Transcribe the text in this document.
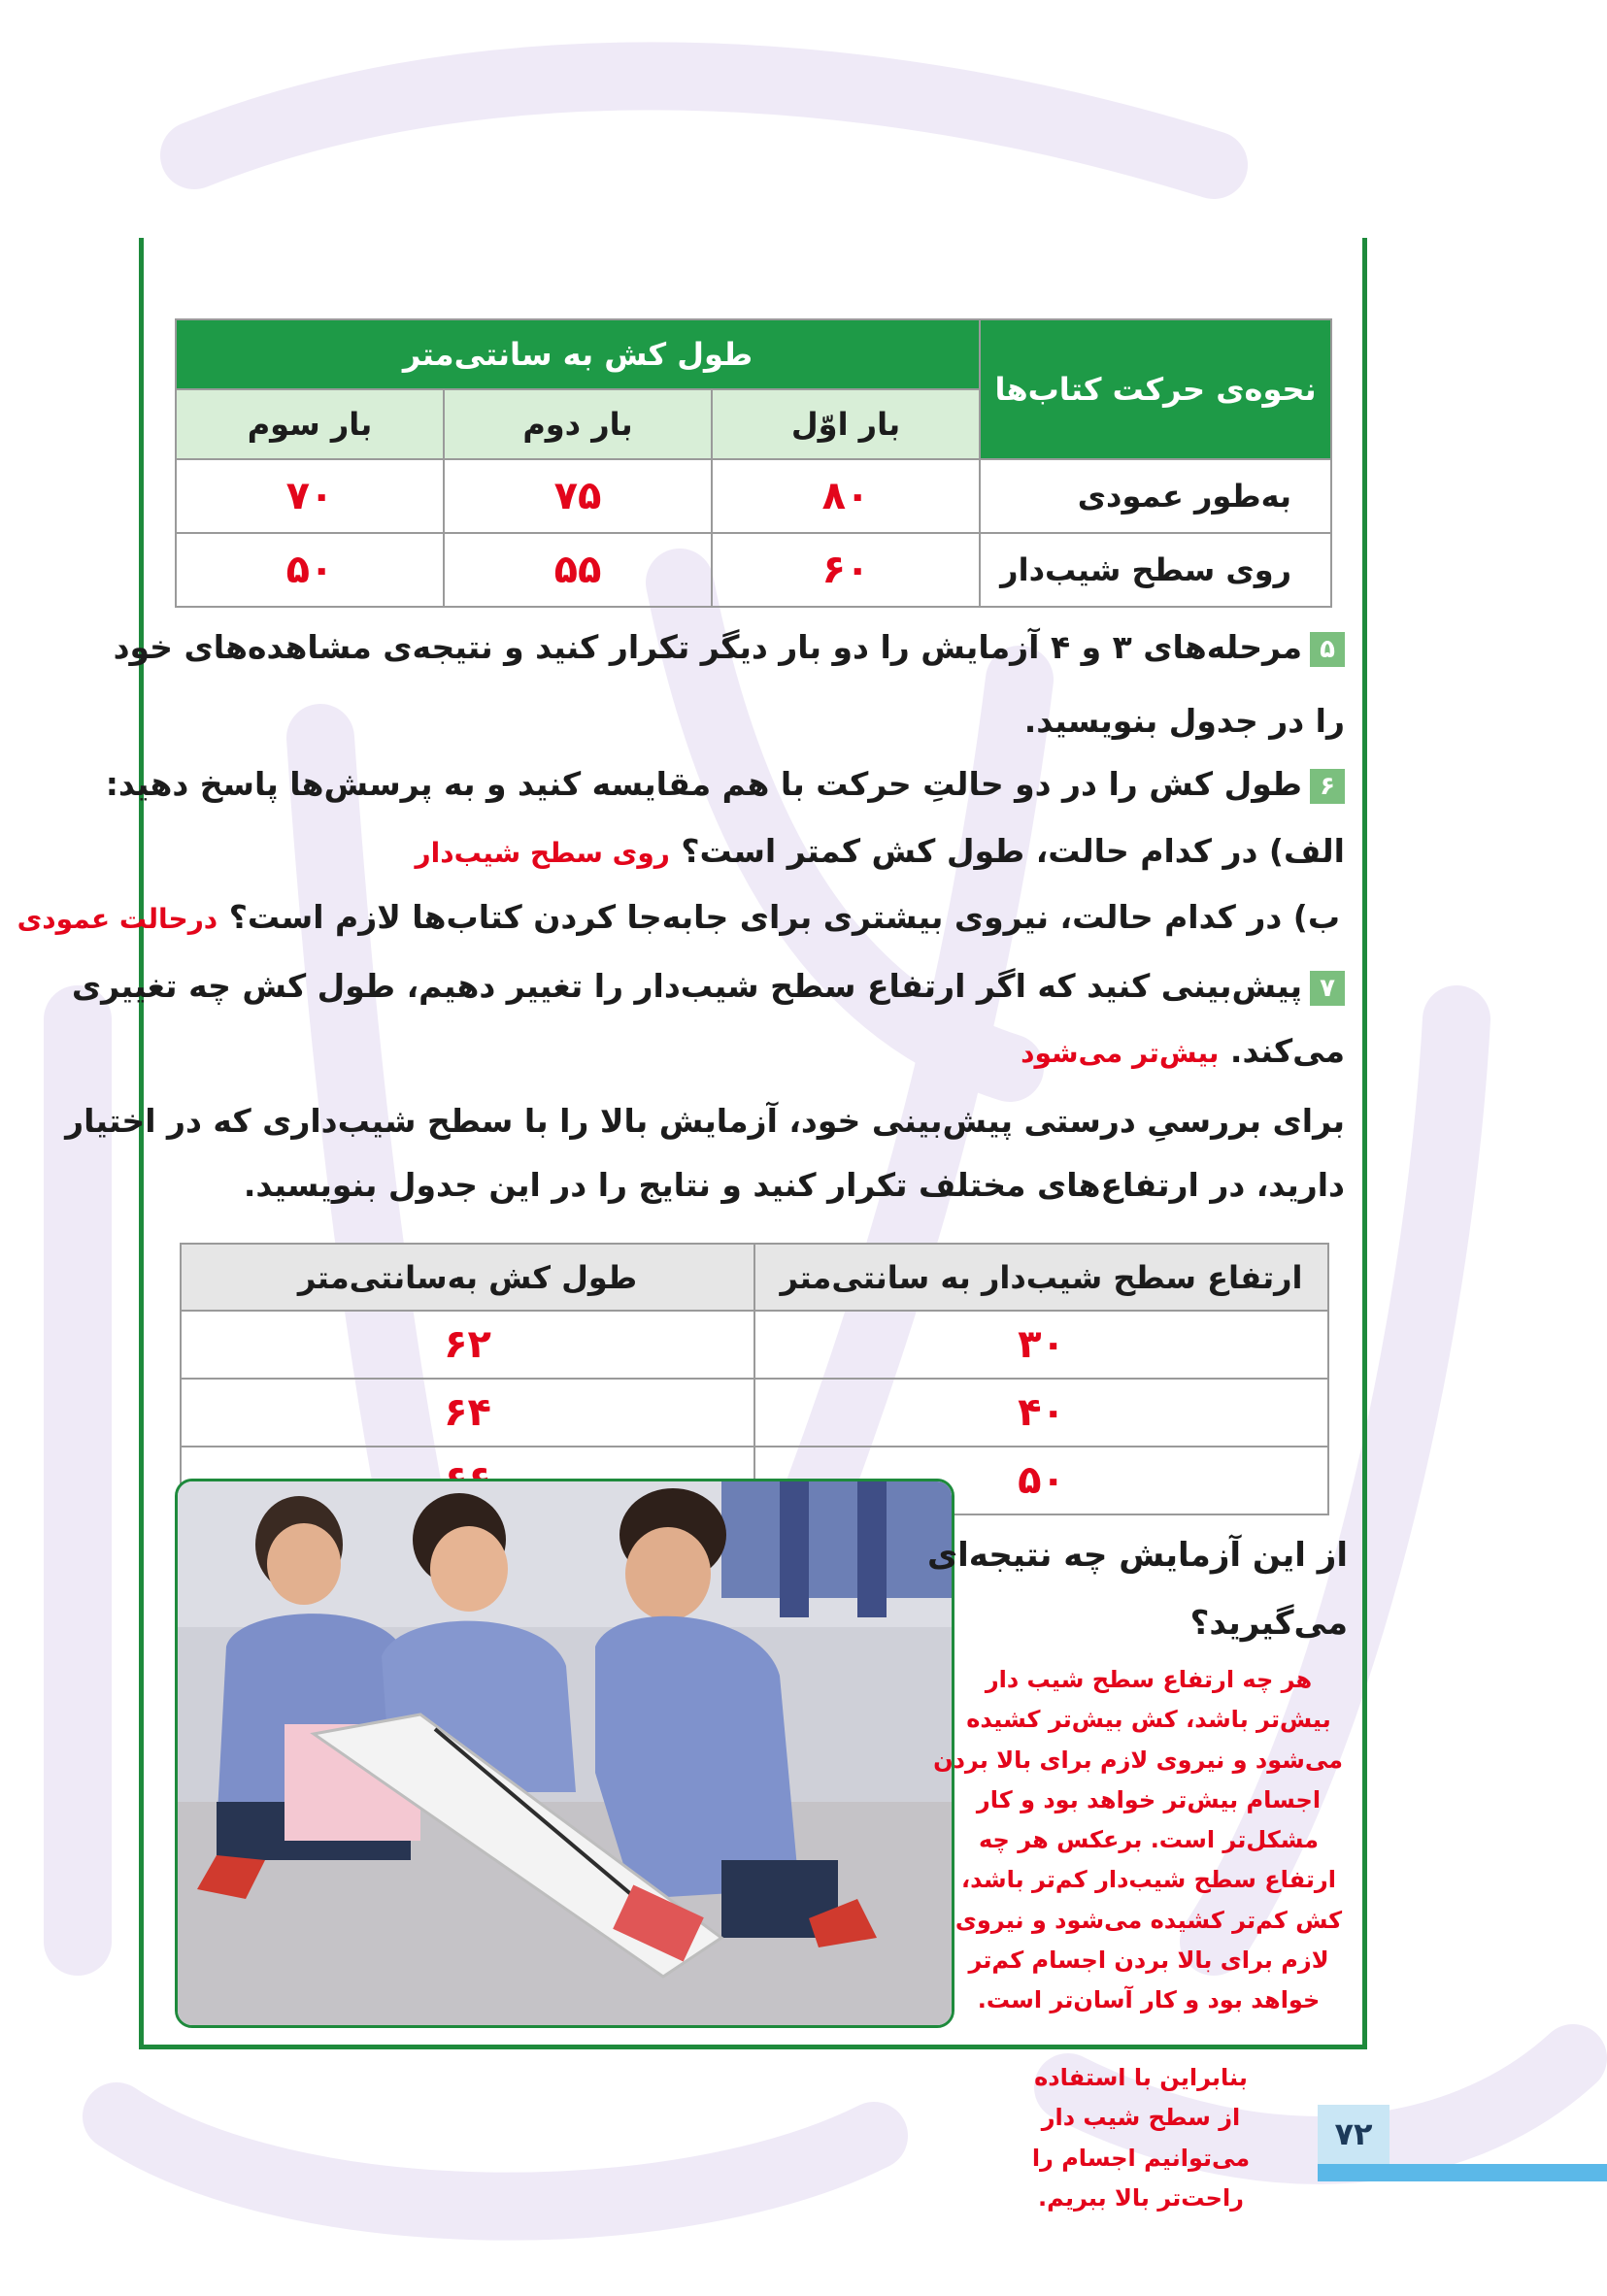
نحوه‌ی حرکت کتاب‌ها	طول کش به سانتی‌متر		
	بار اوّل	بار دوم	بار سوم
به‌طور عمودی	۸۰	۷۵	۷۰
روی سطح شیب‌دار	۶۰	۵۵	۵۰
۵مرحله‌های ۳ و ۴ آزمایش را دو بار دیگر تکرار کنید و نتیجه‌ی مشاهده‌های خود
را در جدول بنویسید.
۶طول کش را در دو حالتِ حرکت با هم مقایسه کنید و به پرسش‌ها پاسخ دهید:
الف) در کدام حالت، طول کش کمتر است؟ روی سطح شیب‌دار
ب) در کدام حالت، نیروی بیشتری برای جابه‌جا کردن کتاب‌ها لازم است؟ درحالت عمودی
۷پیش‌بینی کنید که اگر ارتفاع سطح شیب‌دار را تغییر دهیم، طول کش چه تغییری
می‌کند. بیش‌تر می‌شود
برای بررسیِ درستی پیش‌بینی خود، آزمایش بالا را با سطح شیب‌داری که در اختیار
دارید، در ارتفاع‌های مختلف تکرار کنید و نتایج را در این جدول بنویسید.
ارتفاع سطح شیب‌دار به سانتی‌متر	طول کش به‌سانتی‌متر
۳۰	۶۲
۴۰	۶۴
۵۰	
از این آزمایش چه نتیجه‌ای
می‌گیرید؟
هر چه ارتفاع سطح شیب دار
بیش‌تر باشد، کش بیش‌تر کشیده
می‌شود و نیروی لازم برای بالا بردن
اجسام بیش‌تر خواهد بود و کار
مشکل‌تر است. برعکس هر چه
ارتفاع سطح شیب‌دار کم‌تر باشد،
کش کم‌تر کشیده می‌شود و نیروی
لازم برای بالا بردن اجسام کم‌تر
خواهد بود و کار آسان‌تر است.
بنابراین با استفاده
از سطح شیب دار
می‌توانیم اجسام را
راحت‌تر بالا ببریم.
۷۲
